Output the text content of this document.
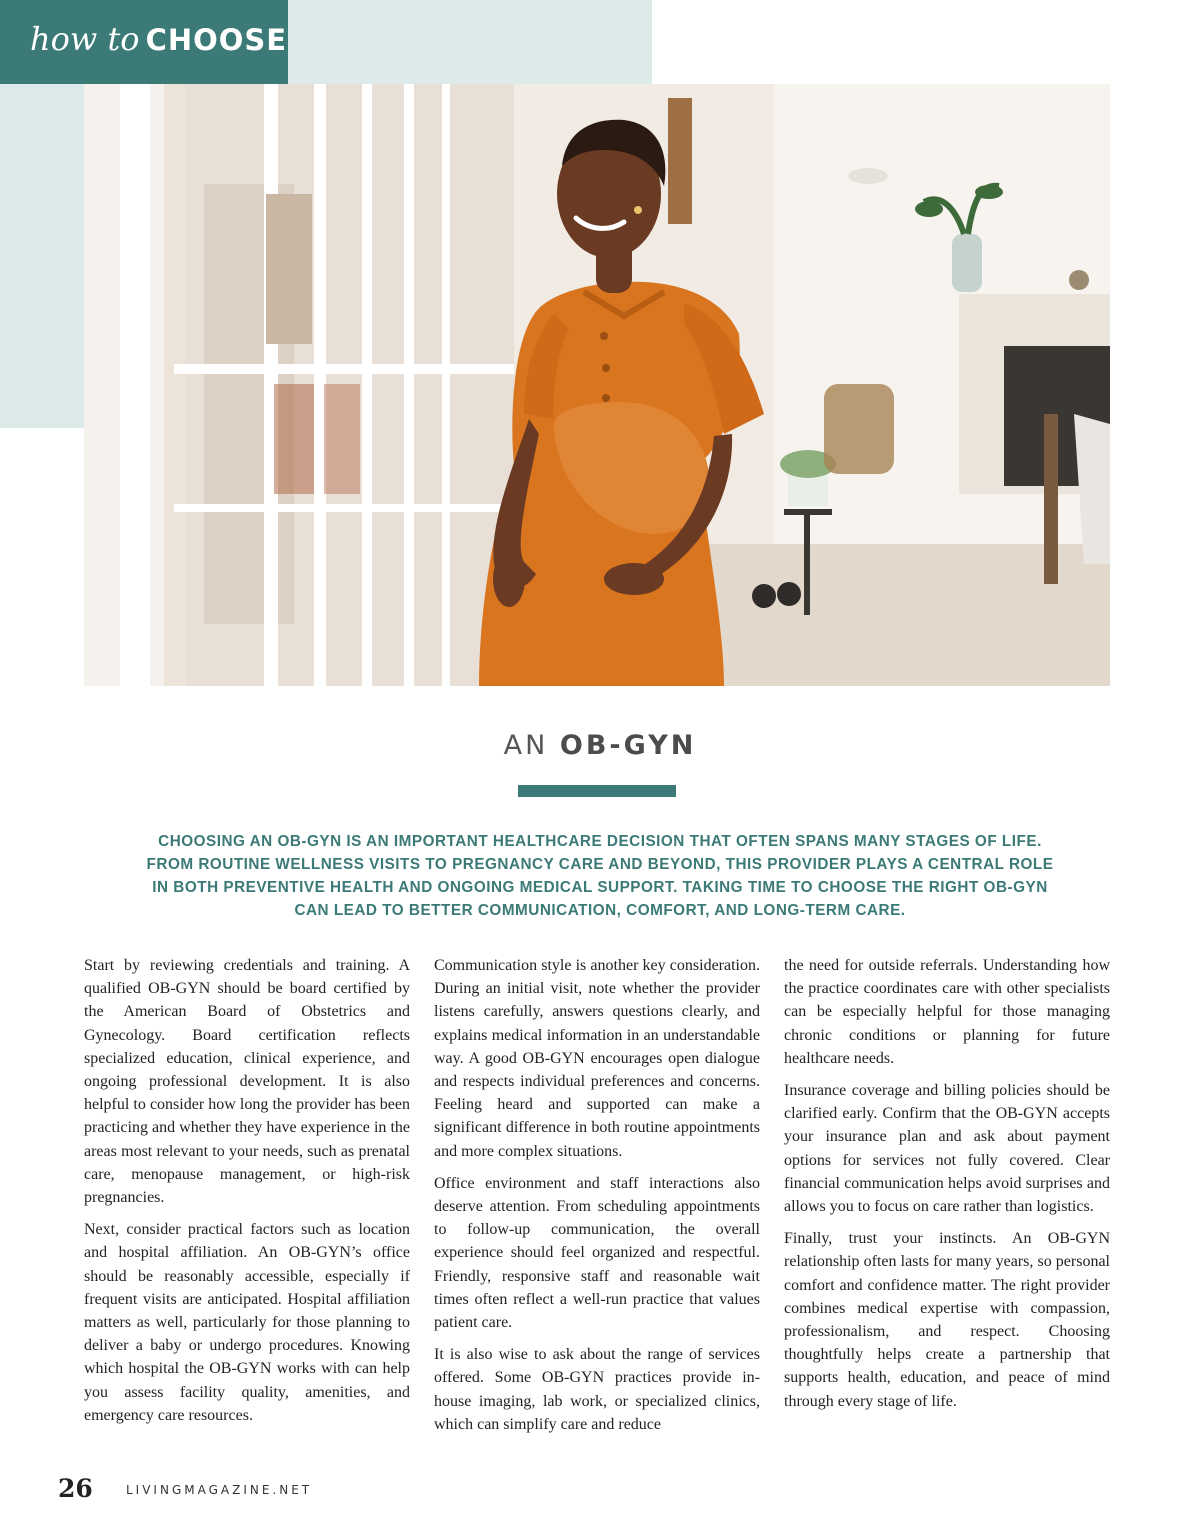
how to CHOOSE
AN OB-GYN
CHOOSING AN OB-GYN IS AN IMPORTANT HEALTHCARE DECISION THAT OFTEN SPANS MANY STAGES OF LIFE. FROM ROUTINE WELLNESS VISITS TO PREGNANCY CARE AND BEYOND, THIS PROVIDER PLAYS A CENTRAL ROLE IN BOTH PREVENTIVE HEALTH AND ONGOING MEDICAL SUPPORT. TAKING TIME TO CHOOSE THE RIGHT OB-GYN CAN LEAD TO BETTER COMMUNICATION, COMFORT, AND LONG-TERM CARE.

Start by reviewing credentials and training. A qualified OB-GYN should be board certified by the American Board of Obstetrics and Gynecology. Board certification reflects specialized education, clinical experience, and ongoing professional development. It is also helpful to consider how long the provider has been practicing and whether they have experience in the areas most relevant to your needs, such as prenatal care, menopause management, or high-risk pregnancies.

Next, consider practical factors such as location and hospital affiliation. An OB-GYN’s office should be reasonably accessible, especially if frequent visits are anticipated. Hospital affiliation matters as well, particularly for those planning to deliver a baby or undergo procedures. Knowing which hospital the OB-GYN works with can help you assess facility quality, amenities, and emergency care resources.

Communication style is another key consideration. During an initial visit, note whether the provider listens carefully, answers questions clearly, and explains medical information in an understandable way. A good OB-GYN encourages open dialogue and respects individual preferences and concerns. Feeling heard and supported can make a significant difference in both routine appointments and more complex situations.

Office environment and staff interactions also deserve attention. From scheduling appointments to follow-up communication, the overall experience should feel organized and respectful. Friendly, responsive staff and reasonable wait times often reflect a well-run practice that values patient care.

It is also wise to ask about the range of services offered. Some OB-GYN practices provide in-house imaging, lab work, or specialized clinics, which can simplify care and reduce

the need for outside referrals. Understanding how the practice coordinates care with other specialists can be especially helpful for those managing chronic conditions or planning for future healthcare needs.

Insurance coverage and billing policies should be clarified early. Confirm that the OB-GYN accepts your insurance plan and ask about payment options for services not fully covered. Clear financial communication helps avoid surprises and allows you to focus on care rather than logistics.

Finally, trust your instincts. An OB-GYN relationship often lasts for many years, so personal comfort and confidence matter. The right provider combines medical expertise with compassion, professionalism, and respect. Choosing thoughtfully helps create a partnership that supports health, education, and peace of mind through every stage of life.

26	LIVINGMAGAZINE.NET
